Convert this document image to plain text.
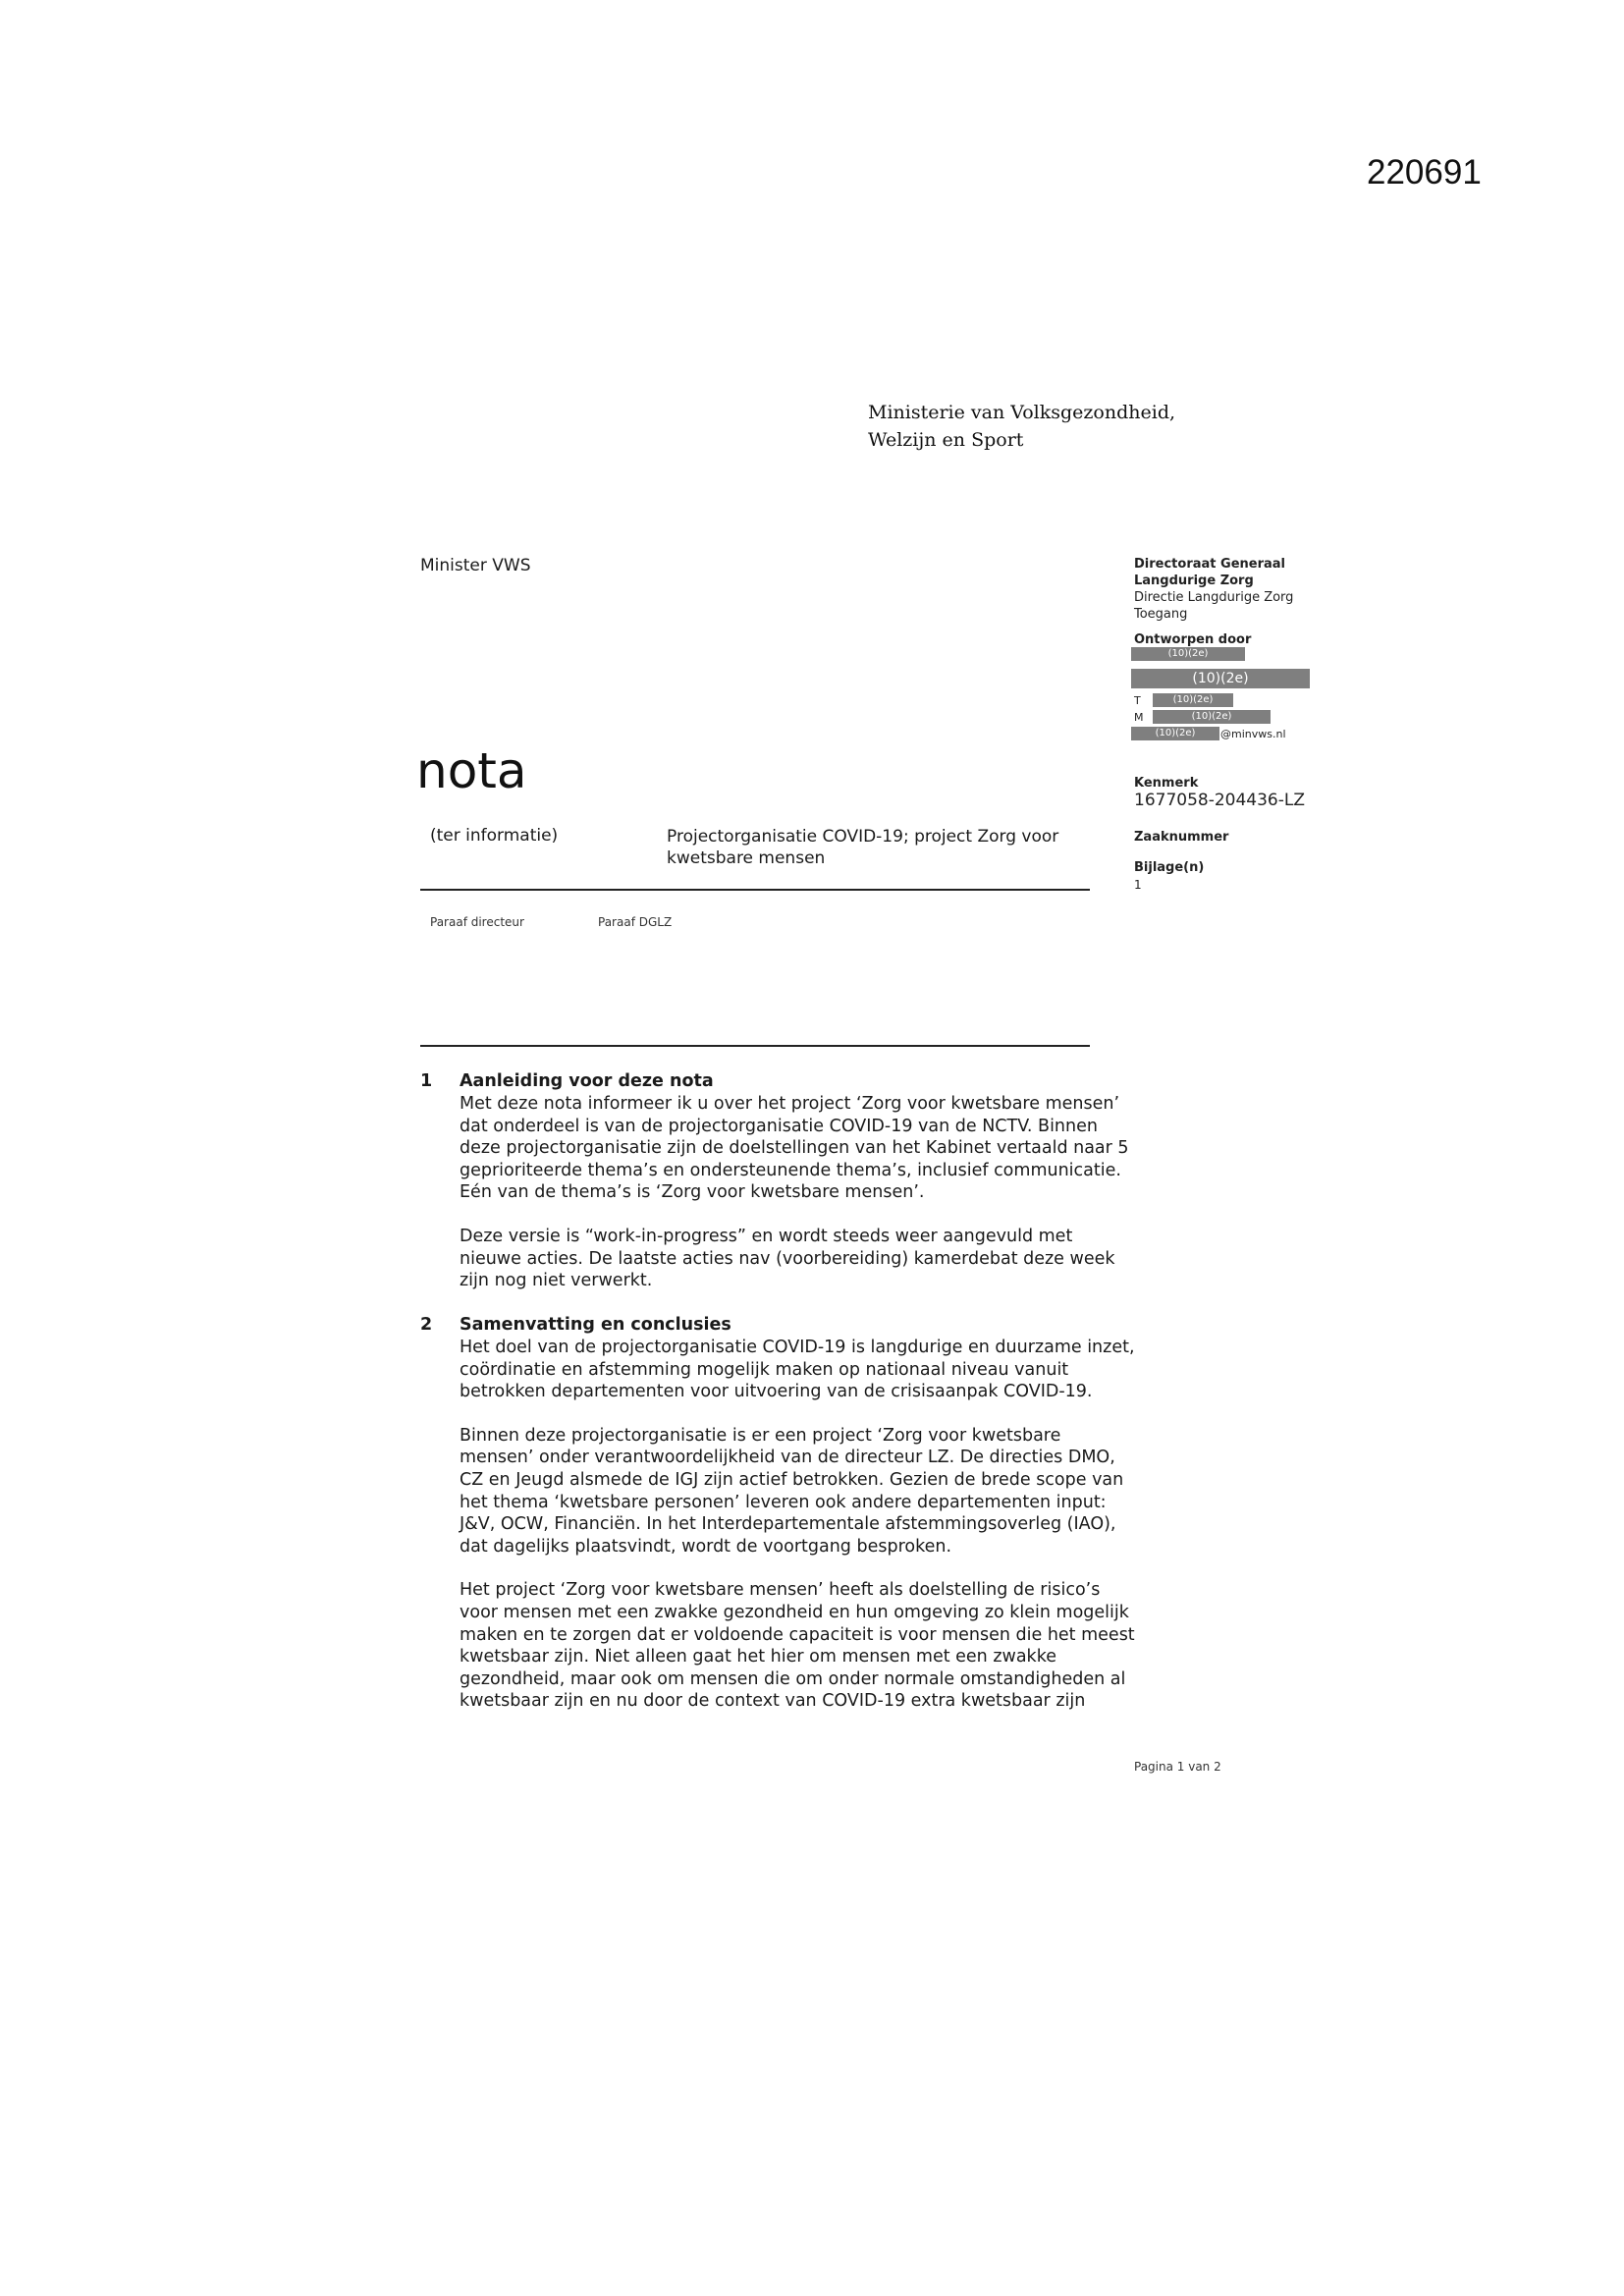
220691
Ministerie van Volksgezondheid,
Welzijn en Sport
Minister VWS
nota
(ter informatie)	Projectorganisatie COVID-19; project Zorg voor kwetsbare mensen
Paraaf directeur	Paraaf DGLZ
Directoraat Generaal
Langdurige Zorg
Directie Langdurige Zorg
Toegang
Ontworpen door
(10)(2e)
(10)(2e)
T	(10)(2e)
M	(10)(2e)
(10)(2e)	@minvws.nl
Kenmerk
1677058-204436-LZ
Zaaknummer
Bijlage(n)
1
1 Aanleiding voor deze nota

Met deze nota informeer ik u over het project ‘Zorg voor kwetsbare mensen’ dat onderdeel is van de projectorganisatie COVID-19 van de NCTV. Binnen deze projectorganisatie zijn de doelstellingen van het Kabinet vertaald naar 5 geprioriteerde thema’s en ondersteunende thema’s, inclusief communicatie. Eén van de thema’s is ‘Zorg voor kwetsbare mensen’.

Deze versie is “work-in-progress” en wordt steeds weer aangevuld met nieuwe acties. De laatste acties nav (voorbereiding) kamerdebat deze week zijn nog niet verwerkt.

2 Samenvatting en conclusies

Het doel van de projectorganisatie COVID-19 is langdurige en duurzame inzet, coördinatie en afstemming mogelijk maken op nationaal niveau vanuit betrokken departementen voor uitvoering van de crisisaanpak COVID-19.

Binnen deze projectorganisatie is er een project ‘Zorg voor kwetsbare mensen’ onder verantwoordelijkheid van de directeur LZ. De directies DMO, CZ en Jeugd alsmede de IGJ zijn actief betrokken. Gezien de brede scope van het thema ‘kwetsbare personen’ leveren ook andere departementen input: J&V, OCW, Financiën. In het Interdepartementale afstemmingsoverleg (IAO), dat dagelijks plaatsvindt, wordt de voortgang besproken.

Het project ‘Zorg voor kwetsbare mensen’ heeft als doelstelling de risico’s voor mensen met een zwakke gezondheid en hun omgeving zo klein mogelijk maken en te zorgen dat er voldoende capaciteit is voor mensen die het meest kwetsbaar zijn. Niet alleen gaat het hier om mensen met een zwakke gezondheid, maar ook om mensen die om onder normale omstandigheden al kwetsbaar zijn en nu door de context van COVID-19 extra kwetsbaar zijn

Pagina 1 van 2
